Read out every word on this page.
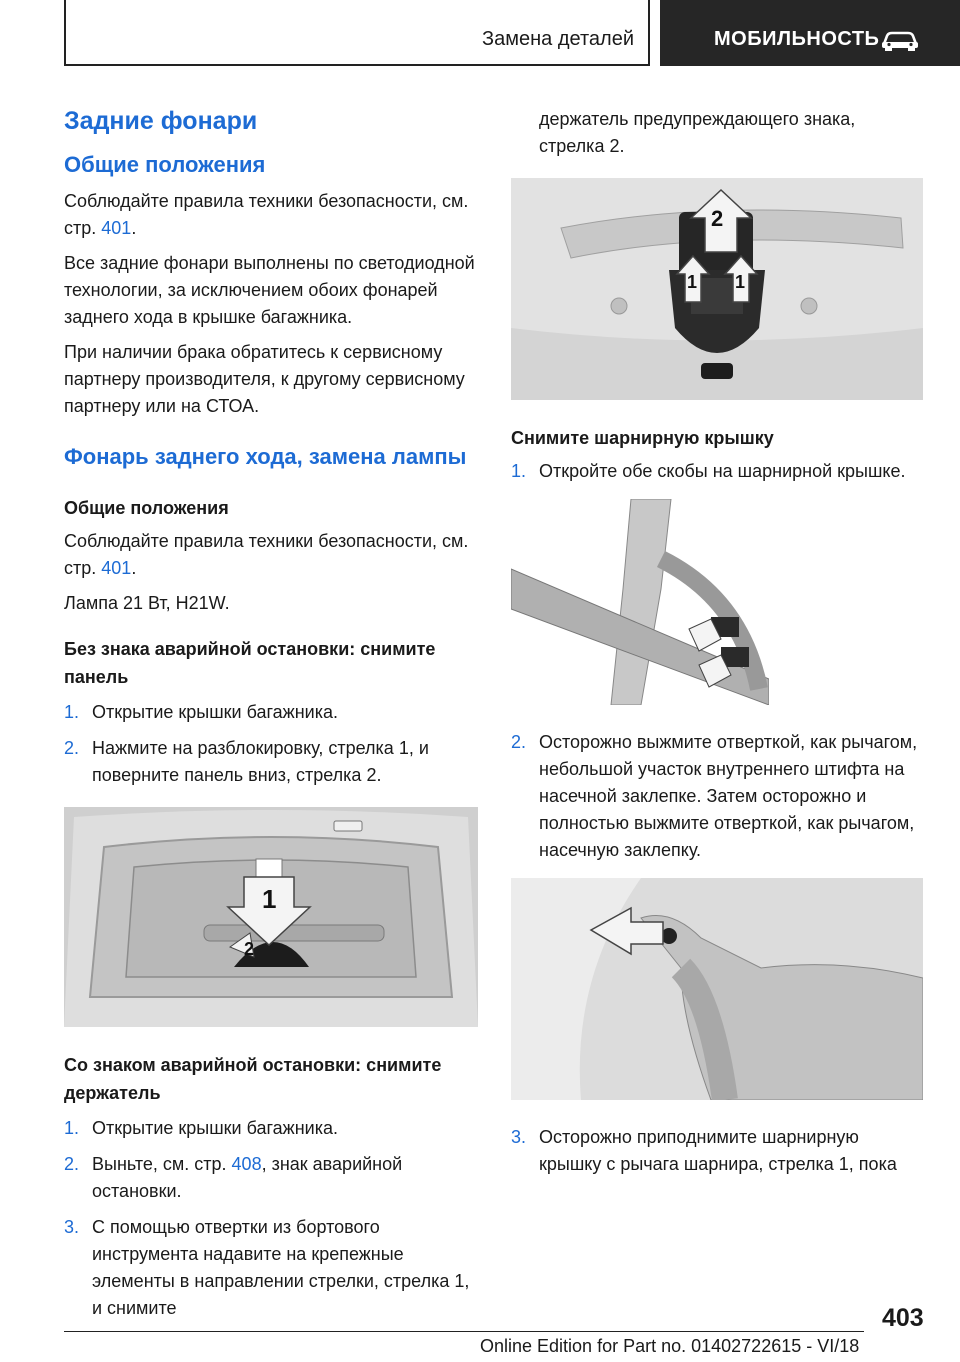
Замена деталей	МОБИЛЬНОСТЬ
Задние фонари
Общие положения

Соблюдайте правила техники безопасности, см. стр. 401.

Все задние фонари выполнены по светодиодной технологии, за исключением обоих фонарей заднего хода в крышке багажника.

При наличии брака обратитесь к сервисному партнеру производителя, к другому сервисному партнеру или на СТОА.

Фонарь заднего хода, замена лампы
Общие положения

Соблюдайте правила техники безопасности, см. стр. 401.

Лампа 21 Вт, H21W.

Без знака аварийной остановки: снимите панель
1. Открытие крышки багажника.
2. Нажмите на разблокировку, стрелка 1, и поверните панель вниз, стрелка 2.
1
2
Со знаком аварийной остановки: снимите держатель
1. Открытие крышки багажника.
2. Выньте, см. стр. 408, знак аварийной остановки.
3. С помощью отвертки из бортового инструмента надавите на крепежные элементы в направлении стрелки, стрелка 1, и снимите

держатель предупреждающего знака, стрелка 2.

2
1 1
Снимите шарнирную крышку
1. Откройте обе скобы на шарнирной крышке.
2. Осторожно выжмите отверткой, как рычагом, небольшой участок внутреннего штифта на насечной заклепке. Затем осторожно и полностью выжмите отверткой, как рычагом, насечную заклепку.
3. Осторожно приподнимите шарнирную крышку с рычага шарнира, стрелка 1, пока
403
Online Edition for Part no. 01402722615 - VI/18
